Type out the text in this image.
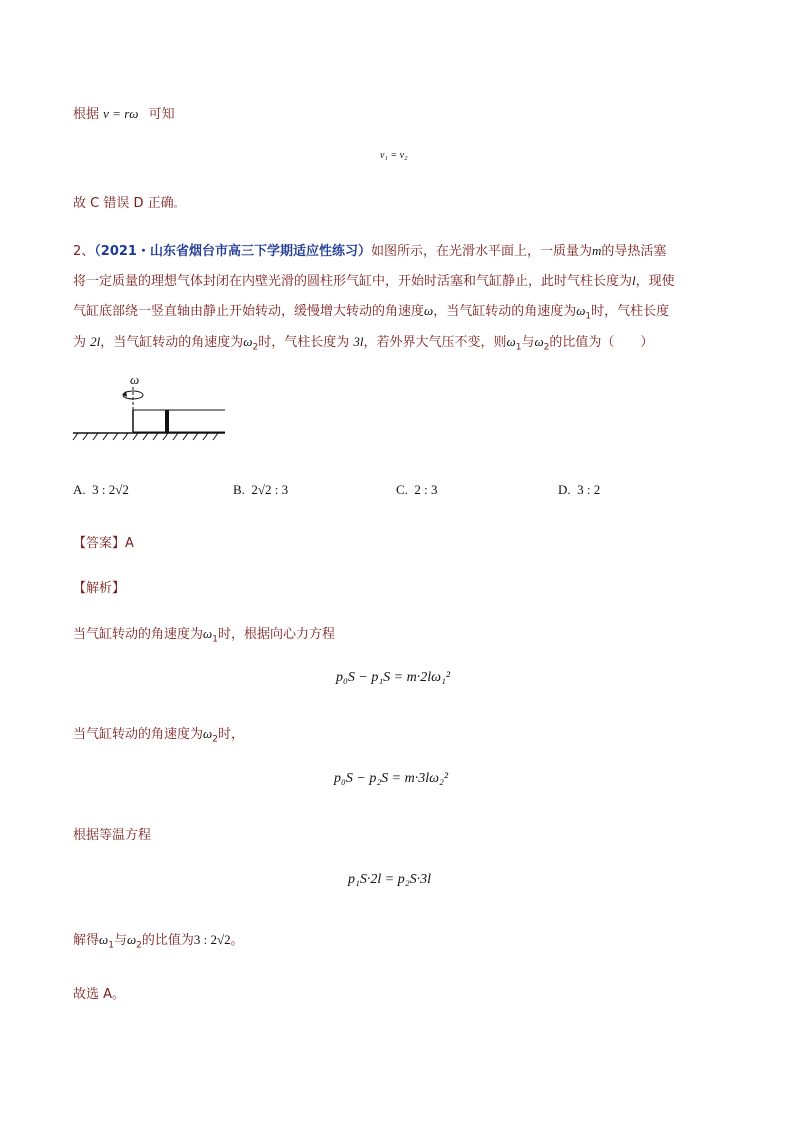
根据 v = rω 可知
v₁ = v₂
故 C 错误 D 正确。
2、（2021・山东省烟台市高三下学期适应性练习）如图所示，在光滑水平面上，一质量为m的导热活塞
将一定质量的理想气体封闭在内壁光滑的圆柱形气缸中，开始时活塞和气缸静止，此时气柱长度为l，现使
气缸底部绕一竖直轴由静止开始转动，缓慢增大转动的角速度ω，当气缸转动的角速度为$\omega_1$时，气柱长度
为 2l，当气缸转动的角速度为$\omega_2$时，气柱长度为 3l，若外界大气压不变，则$\omega_1$与$\omega_2$的比值为（　　）
ω
A. 3 : 2√2	B. 2√2 : 3	C. 2 : 3	D. 3 : 2
【答案】A
【解析】
当气缸转动的角速度为$\omega_1$时，根据向心力方程
p₀S − p₁S = m·2lω₁²
当气缸转动的角速度为$\omega_2$时，
p₀S − p₂S = m·3lω₂²
根据等温方程
p₁S·2l = p₂S·3l
解得$\omega_1$与$\omega_2$的比值为3 : 2√2。
故选 A。
